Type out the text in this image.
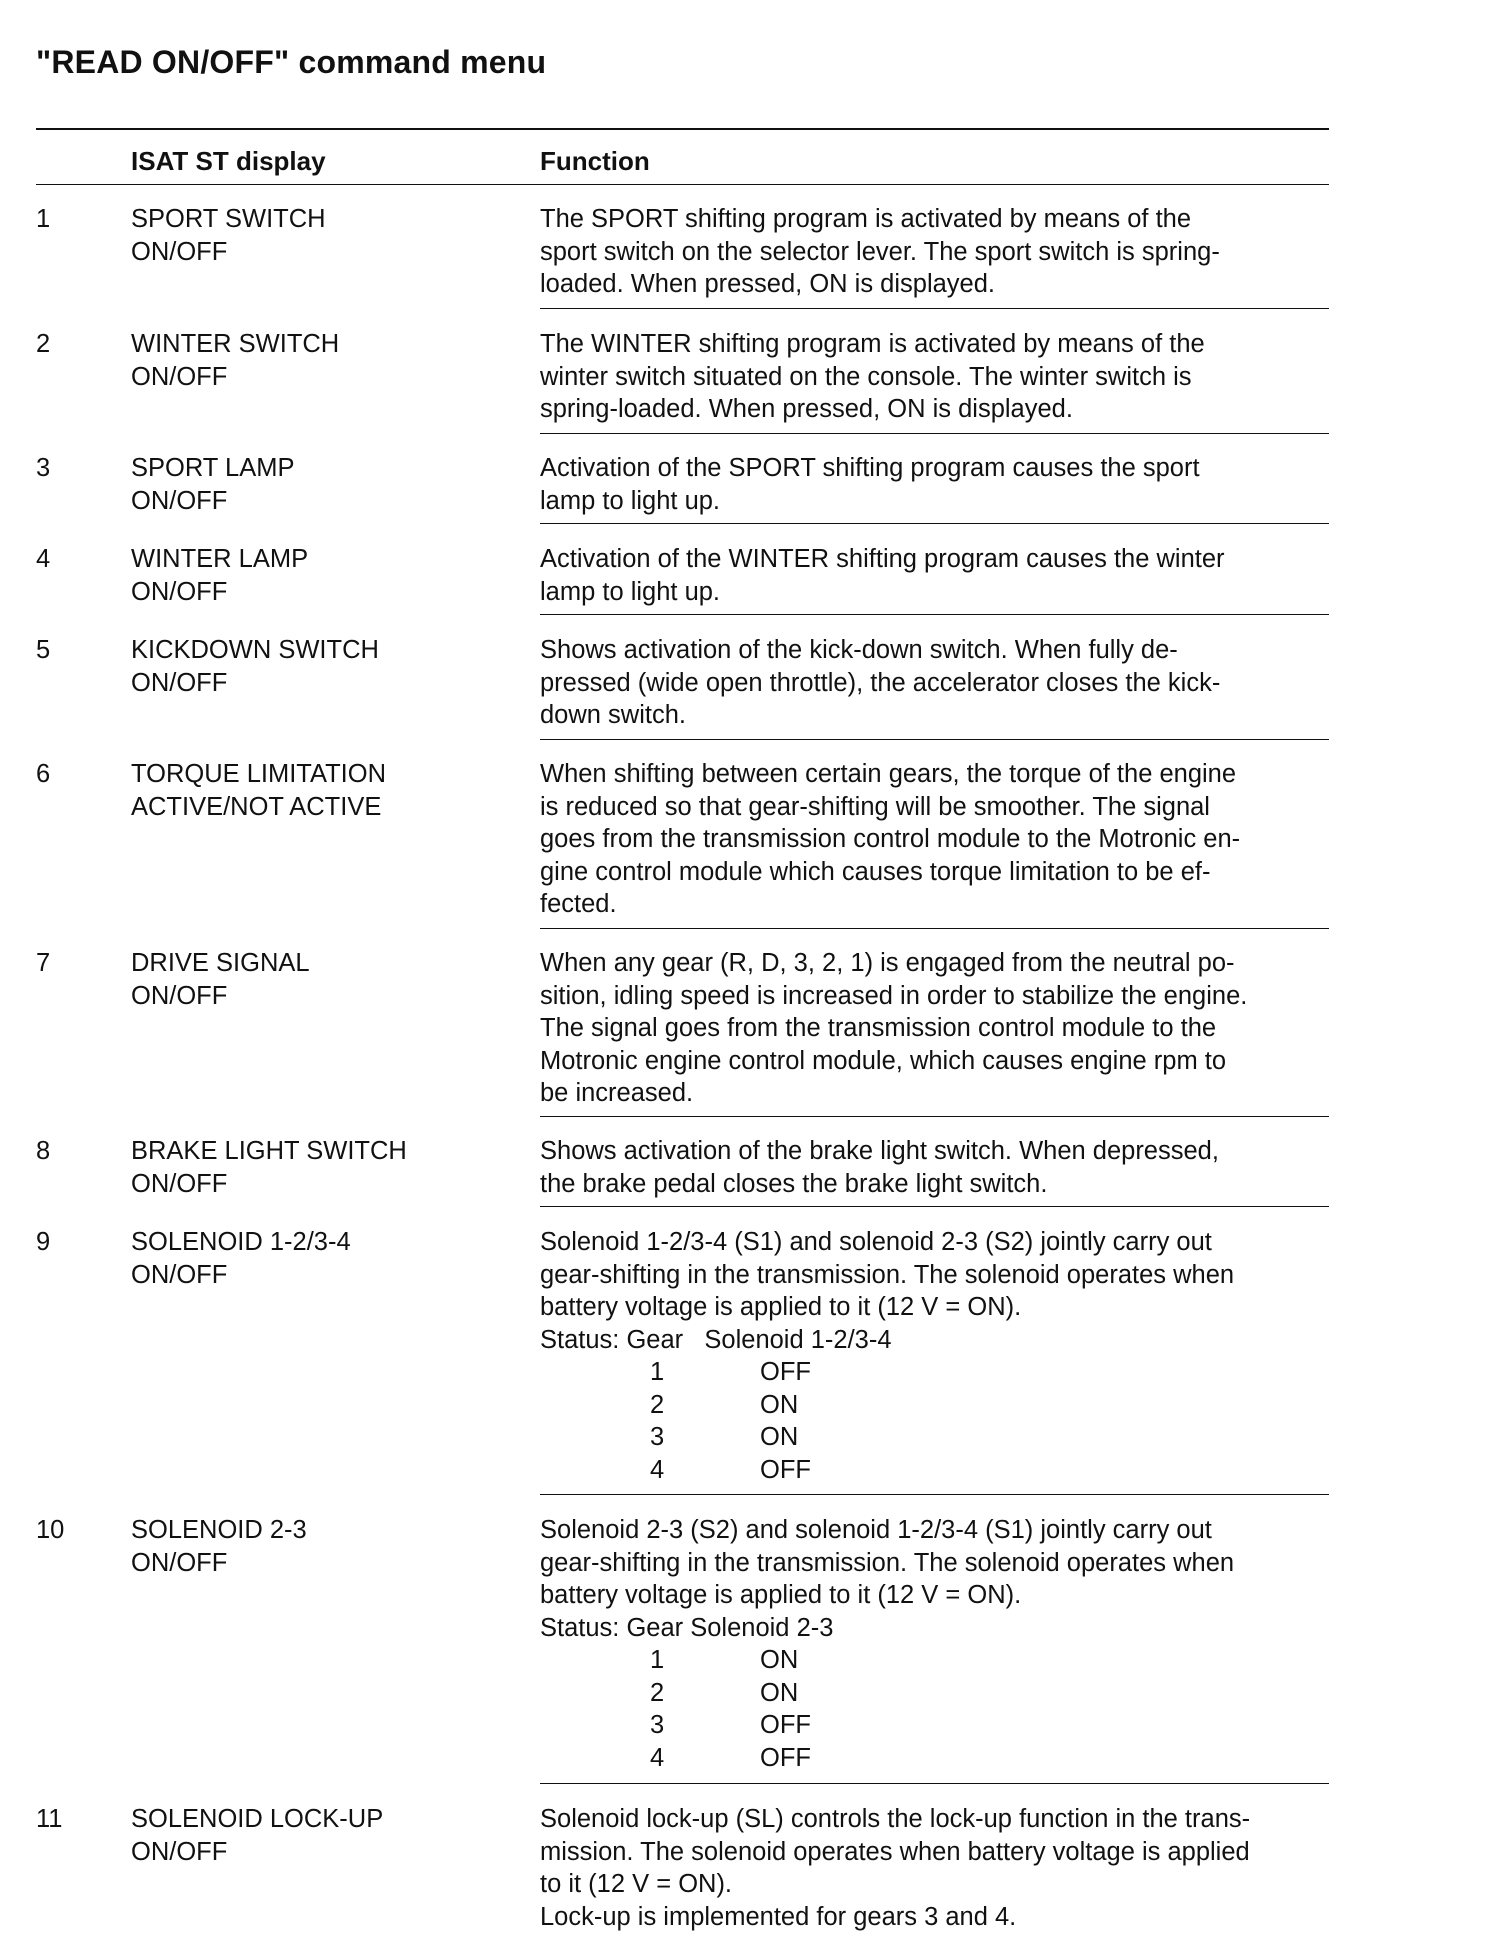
"READ ON/OFF" command menu
ISAT ST display	Function
1	SPORT SWITCH
ON/OFF
The SPORT shifting program is activated by means of the
sport switch on the selector lever. The sport switch is spring-
loaded. When pressed, ON is displayed.
2	WINTER SWITCH
ON/OFF
The WINTER shifting program is activated by means of the
winter switch situated on the console. The winter switch is
spring-loaded. When pressed, ON is displayed.
3	SPORT LAMP
ON/OFF
Activation of the SPORT shifting program causes the sport
lamp to light up.
4	WINTER LAMP
ON/OFF
Activation of the WINTER shifting program causes the winter
lamp to light up.
5	KICKDOWN SWITCH
ON/OFF
Shows activation of the kick-down switch. When fully de-
pressed (wide open throttle), the accelerator closes the kick-
down switch.
6	TORQUE LIMITATION
ACTIVE/NOT ACTIVE
When shifting between certain gears, the torque of the engine
is reduced so that gear-shifting will be smoother. The signal
goes from the transmission control module to the Motronic en-
gine control module which causes torque limitation to be ef-
fected.
7	DRIVE SIGNAL
ON/OFF
When any gear (R, D, 3, 2, 1) is engaged from the neutral po-
sition, idling speed is increased in order to stabilize the engine.
The signal goes from the transmission control module to the
Motronic engine control module, which causes engine rpm to
be increased.
8	BRAKE LIGHT SWITCH
ON/OFF
Shows activation of the brake light switch. When depressed,
the brake pedal closes the brake light switch.
9	SOLENOID 1-2/3-4
ON/OFF
Solenoid 1-2/3-4 (S1) and solenoid 2-3 (S2) jointly carry out
gear-shifting in the transmission. The solenoid operates when
battery voltage is applied to it (12 V = ON).
Status: Gear   Solenoid 1-2/3-4
1	OFF
2	ON
3	ON
4	OFF
10	SOLENOID 2-3
ON/OFF
Solenoid 2-3 (S2) and solenoid 1-2/3-4 (S1) jointly carry out
gear-shifting in the transmission. The solenoid operates when
battery voltage is applied to it (12 V = ON).
Status: Gear Solenoid 2-3
1	ON
2	ON
3	OFF
4	OFF
11	SOLENOID LOCK-UP
ON/OFF
Solenoid lock-up (SL) controls the lock-up function in the trans-
mission. The solenoid operates when battery voltage is applied
to it (12 V = ON).
Lock-up is implemented for gears 3 and 4.
